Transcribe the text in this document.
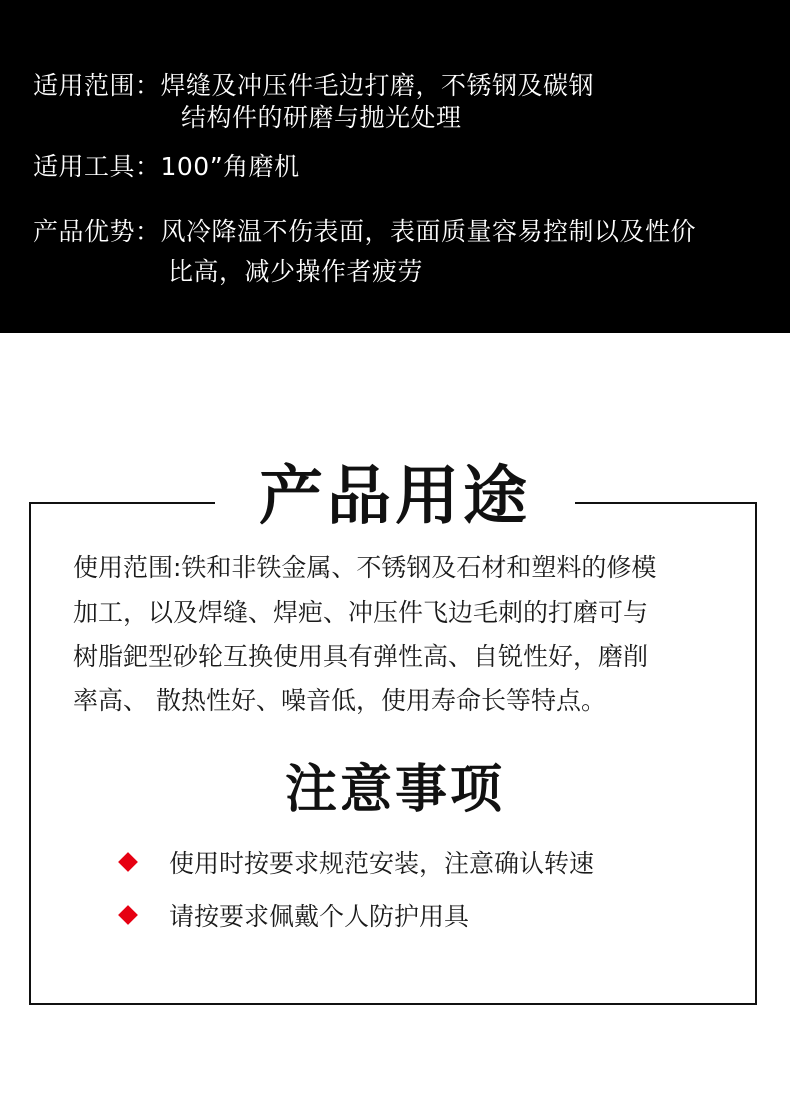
适用范围：焊缝及冲压件毛边打磨，不锈钢及碳钢
结构件的研磨与抛光处理
适用工具：100”角磨机
产品优势：风冷降温不伤表面，表面质量容易控制以及性价
比高，减少操作者疲劳
产品用途
使用范围:铁和非铁金属、不锈钢及石材和塑料的修模
加工，以及焊缝、焊疤、冲压件飞边毛刺的打磨可与
树脂鈀型砂轮互换使用具有弹性高、自锐性好，磨削
率高、 散热性好、噪音低，使用寿命长等特点。
注意事项
使用时按要求规范安装，注意确认转速
请按要求佩戴个人防护用具
